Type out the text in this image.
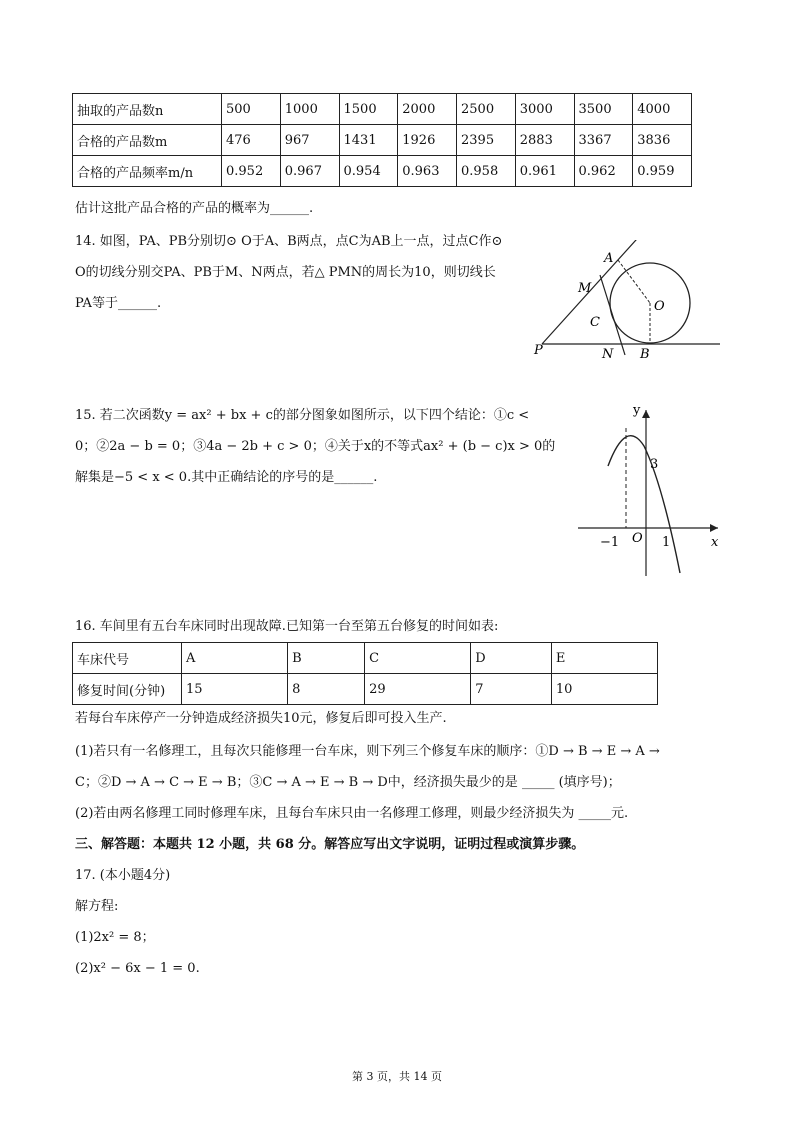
抽取的产品数n	500	1000	1500	2000	2500	3000	3500	4000
合格的产品数m	476	967	1431	1926	2395	2883	3367	3836
合格的产品频率m/n	0.952	0.967	0.954	0.963	0.958	0.961	0.962	0.959
估计这批产品合格的产品的概率为______.
14. 如图，PA、PB分别切⊙ O于A、B两点，点C为AB上一点，过点C作⊙
O的切线分别交PA、PB于M、N两点，若△ PMN的周长为10，则切线长
PA等于______.
A
M
O
C
P	N B
15. 若二次函数y = ax² + bx + c的部分图象如图所示，以下四个结论：①c <
0；②2a − b = 0；③4a − 2b + c > 0；④关于x的不等式ax² + (b − c)x > 0的
解集是−5 < x < 0.其中正确结论的序号的是______.
y
x
3
O
−1	1
16. 车间里有五台车床同时出现故障.已知第一台至第五台修复的时间如表:
车床代号	A	B	C	D	E
修复时间(分钟)	15	8	29	7	10
若每台车床停产一分钟造成经济损失10元，修复后即可投入生产.
(1)若只有一名修理工，且每次只能修理一台车床，则下列三个修复车床的顺序：①D → B → E → A →
C；②D → A → C → E → B；③C → A → E → B → D中，经济损失最少的是 _____ (填序号)；
(2)若由两名修理工同时修理车床，且每台车床只由一名修理工修理，则最少经济损失为 _____元.
三、解答题：本题共 12 小题，共 68 分。解答应写出文字说明，证明过程或演算步骤。
17. (本小题4分)
解方程:
(1)2x² = 8；
(2)x² − 6x − 1 = 0.
第 3 页，共 14 页
